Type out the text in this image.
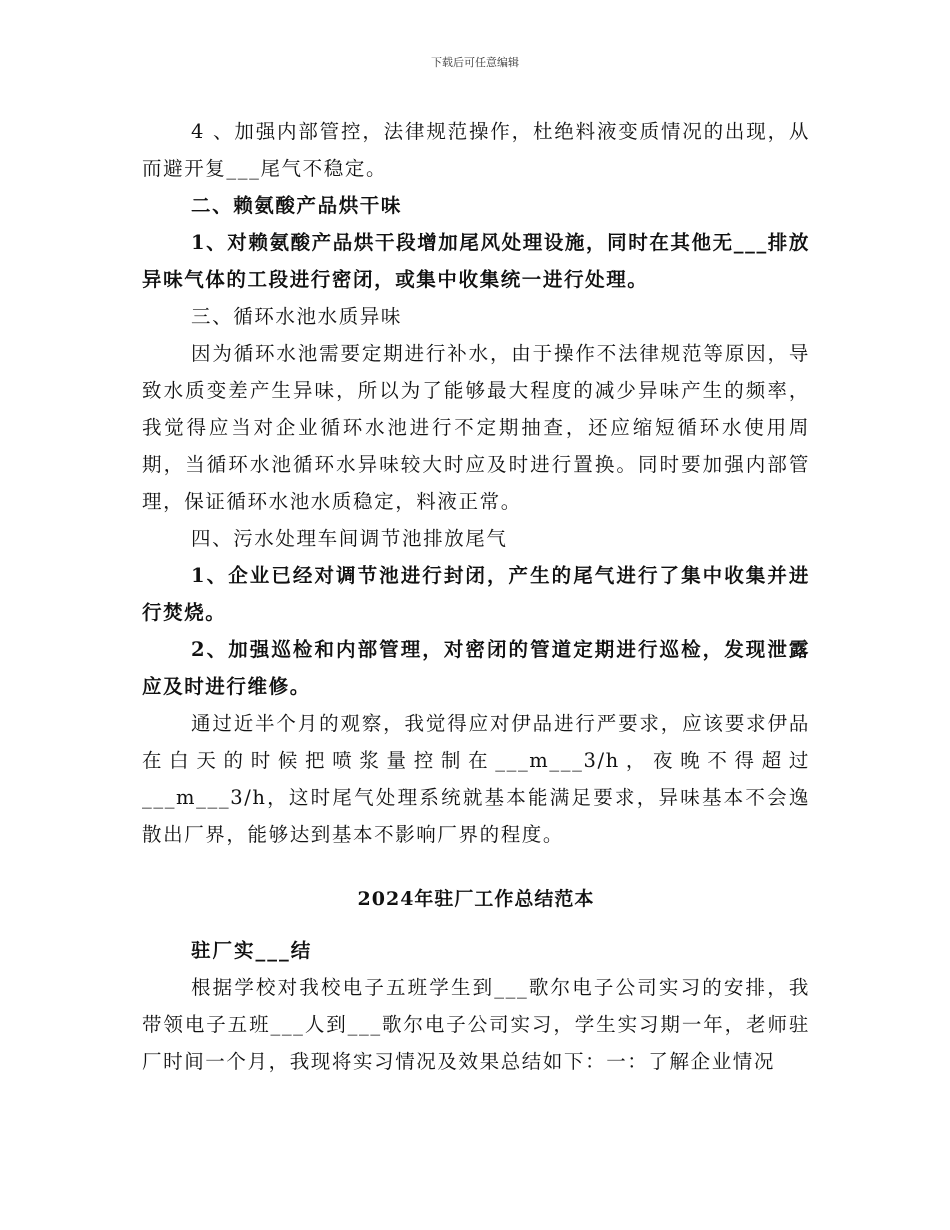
下载后可任意编辑

4 、加强内部管控，法律规范操作，杜绝料液变质情况的出现，从而避开复___尾气不稳定。

二、赖氨酸产品烘干味

1、对赖氨酸产品烘干段增加尾风处理设施，同时在其他无___排放异味气体的工段进行密闭，或集中收集统一进行处理。

三、循环水池水质异味

因为循环水池需要定期进行补水，由于操作不法律规范等原因，导致水质变差产生异味，所以为了能够最大程度的减少异味产生的频率，我觉得应当对企业循环水池进行不定期抽查，还应缩短循环水使用周期，当循环水池循环水异味较大时应及时进行置换。同时要加强内部管理，保证循环水池水质稳定，料液正常。

四、污水处理车间调节池排放尾气

1、企业已经对调节池进行封闭，产生的尾气进行了集中收集并进行焚烧。

2、加强巡检和内部管理，对密闭的管道定期进行巡检，发现泄露应及时进行维修。

通过近半个月的观察，我觉得应对伊品进行严要求，应该要求伊品在白天的时候把喷浆量控制在___m___3/h，夜晚不得超过___m___3/h，这时尾气处理系统就基本能满足要求，异味基本不会逸散出厂界，能够达到基本不影响厂界的程度。

2024年驻厂工作总结范本
驻厂实___结

根据学校对我校电子五班学生到___歌尔电子公司实习的安排，我带领电子五班___人到___歌尔电子公司实习，学生实习期一年，老师驻厂时间一个月，我现将实习情况及效果总结如下：一：了解企业情况
